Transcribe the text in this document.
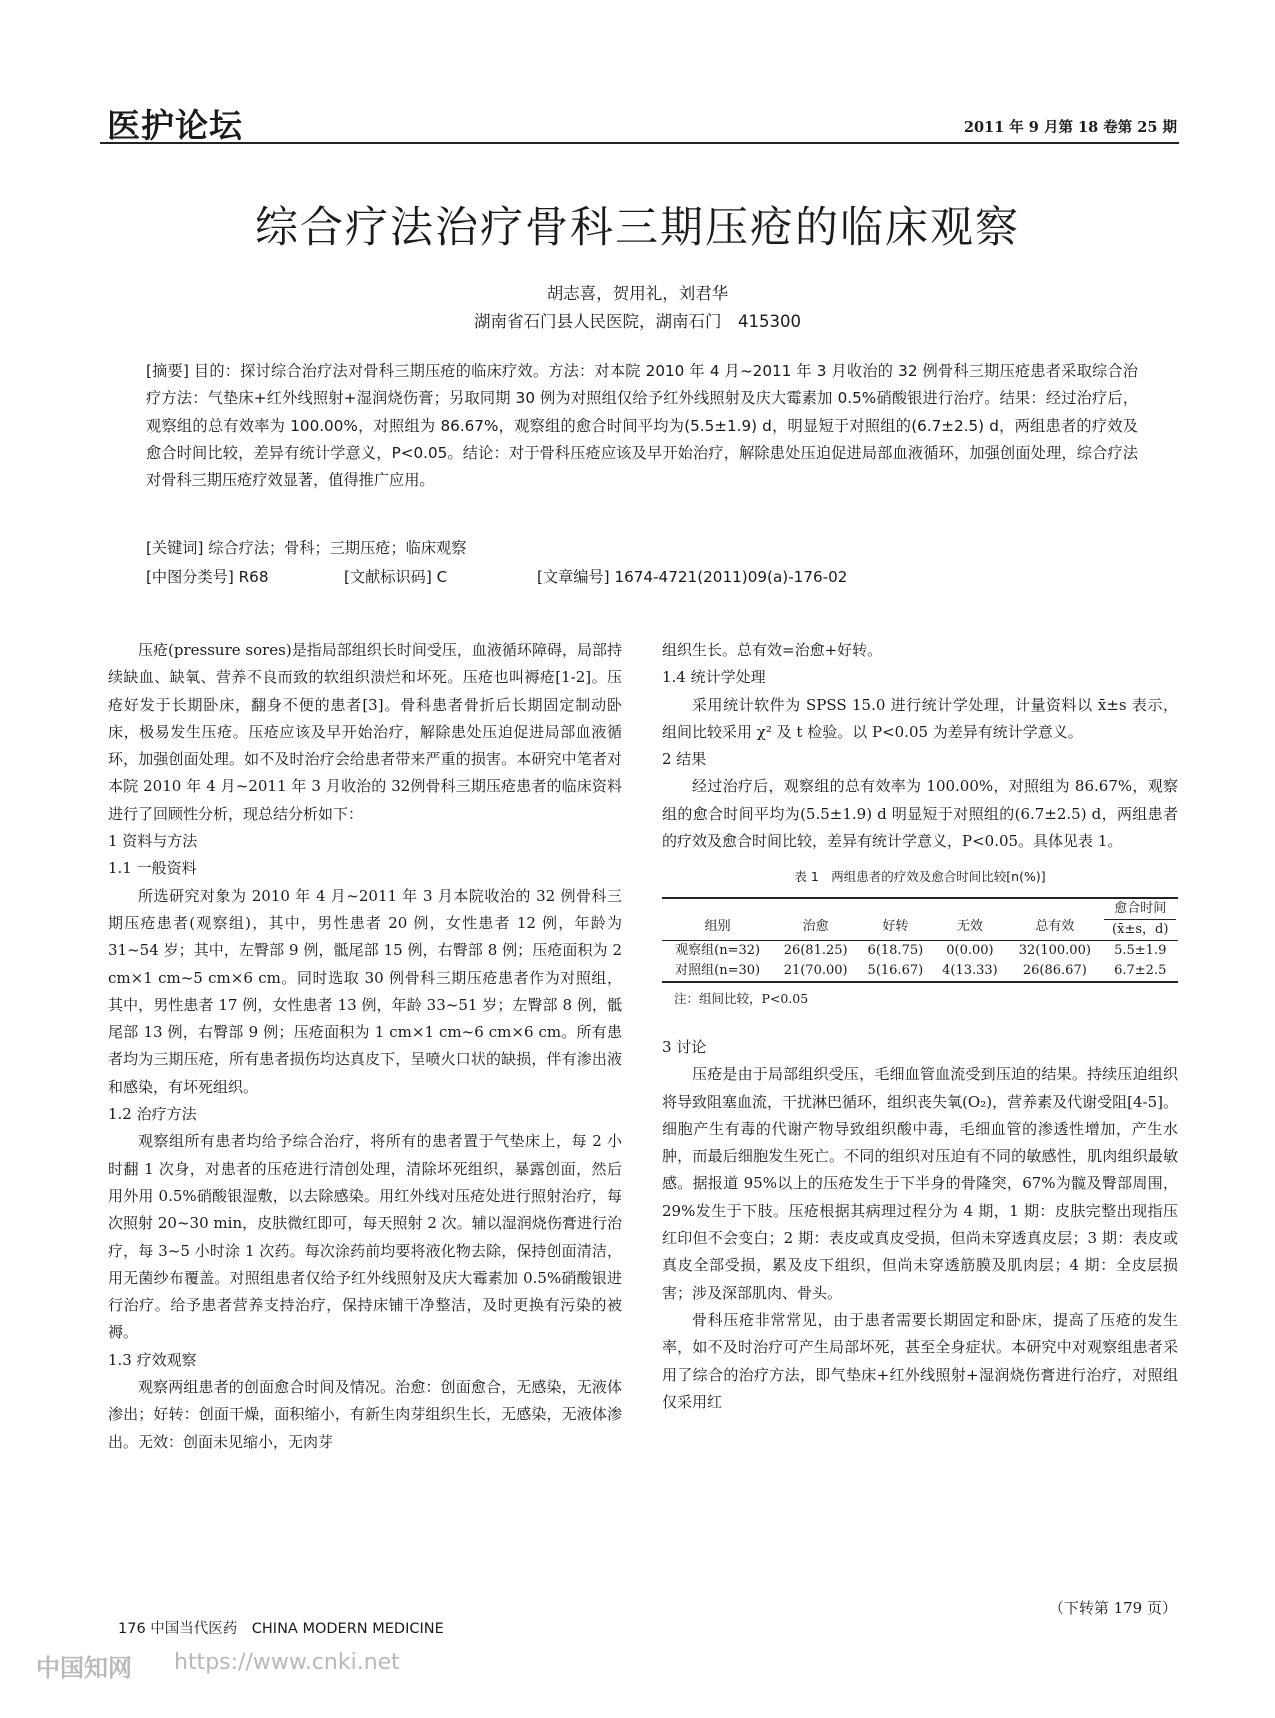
医护论坛	2011 年 9 月第 18 卷第 25 期
综合疗法治疗骨科三期压疮的临床观察
胡志喜，贺用礼，刘君华
湖南省石门县人民医院，湖南石门　415300
[摘要] 目的：探讨综合治疗法对骨科三期压疮的临床疗效。方法：对本院 2010 年 4 月~2011 年 3 月收治的 32 例骨科三期压疮患者采取综合治疗方法：气垫床+红外线照射+湿润烧伤膏；另取同期 30 例为对照组仅给予红外线照射及庆大霉素加 0.5%硝酸银进行治疗。结果：经过治疗后，观察组的总有效率为 100.00%，对照组为 86.67%，观察组的愈合时间平均为(5.5±1.9) d，明显短于对照组的(6.7±2.5) d，两组患者的疗效及愈合时间比较，差异有统计学意义，P<0.05。结论：对于骨科压疮应该及早开始治疗，解除患处压迫促进局部血液循环，加强创面处理，综合疗法对骨科三期压疮疗效显著，值得推广应用。
[关键词] 综合疗法；骨科；三期压疮；临床观察
[中图分类号] R68	[文献标识码] C	[文章编号] 1674-4721(2011)09(a)-176-02

压疮(pressure sores)是指局部组织长时间受压，血液循环障碍，局部持续缺血、缺氧、营养不良而致的软组织溃烂和坏死。压疮也叫褥疮[1-2]。压疮好发于长期卧床，翻身不便的患者[3]。骨科患者骨折后长期固定制动卧床，极易发生压疮。压疮应该及早开始治疗，解除患处压迫促进局部血液循环，加强创面处理。如不及时治疗会给患者带来严重的损害。本研究中笔者对本院 2010 年 4 月~2011 年 3 月收治的 32例骨科三期压疮患者的临床资料进行了回顾性分析，现总结分析如下：

1 资料与方法
1.1 一般资料

所选研究对象为 2010 年 4 月~2011 年 3 月本院收治的 32 例骨科三期压疮患者(观察组)，其中，男性患者 20 例，女性患者 12 例，年龄为 31~54 岁；其中，左臀部 9 例，骶尾部 15 例，右臀部 8 例；压疮面积为 2 cm×1 cm~5 cm×6 cm。同时选取 30 例骨科三期压疮患者作为对照组，其中，男性患者 17 例，女性患者 13 例，年龄 33~51 岁；左臀部 8 例，骶尾部 13 例，右臀部 9 例；压疮面积为 1 cm×1 cm~6 cm×6 cm。所有患者均为三期压疮，所有患者损伤均达真皮下，呈喷火口状的缺损，伴有渗出液和感染，有坏死组织。

1.2 治疗方法

观察组所有患者均给予综合治疗，将所有的患者置于气垫床上，每 2 小时翻 1 次身，对患者的压疮进行清创处理，清除坏死组织，暴露创面，然后用外用 0.5%硝酸银湿敷，以去除感染。用红外线对压疮处进行照射治疗，每次照射 20~30 min，皮肤微红即可，每天照射 2 次。辅以湿润烧伤膏进行治疗，每 3~5 小时涂 1 次药。每次涂药前均要将液化物去除，保持创面清洁，用无菌纱布覆盖。对照组患者仅给予红外线照射及庆大霉素加 0.5%硝酸银进行治疗。给予患者营养支持治疗，保持床铺干净整洁，及时更换有污染的被褥。

1.3 疗效观察

观察两组患者的创面愈合时间及情况。治愈：创面愈合，无感染，无液体渗出；好转：创面干燥，面积缩小，有新生肉芽组织生长，无感染，无液体渗出。无效：创面未见缩小，无肉芽

组织生长。总有效=治愈+好转。

1.4 统计学处理

采用统计软件为 SPSS 15.0 进行统计学处理，计量资料以 x̄±s 表示，组间比较采用 χ² 及 t 检验。以 P<0.05 为差异有统计学意义。

2 结果

经过治疗后，观察组的总有效率为 100.00%，对照组为 86.67%，观察组的愈合时间平均为(5.5±1.9) d 明显短于对照组的(6.7±2.5) d，两组患者的疗效及愈合时间比较，差异有统计学意义，P<0.05。具体见表 1。

表 1　两组患者的疗效及愈合时间比较[n(%)]
组别	治愈	好转	无效	总有效	愈合时间
(x̄±s，d)

观察组(n=32)	26(81.25)	6(18.75)	0(0.00)	32(100.00)	5.5±1.9
对照组(n=30)	21(70.00)	5(16.67)	4(13.33)	26(86.67)	6.7±2.5
注：组间比较，P<0.05
3 讨论

压疮是由于局部组织受压，毛细血管血流受到压迫的结果。持续压迫组织将导致阻塞血流，干扰淋巴循环，组织丧失氧(O₂)，营养素及代谢受阻[4-5]。细胞产生有毒的代谢产物导致组织酸中毒，毛细血管的渗透性增加，产生水肿，而最后细胞发生死亡。不同的组织对压迫有不同的敏感性，肌肉组织最敏感。据报道 95%以上的压疮发生于下半身的骨隆突，67%为髋及臀部周围，29%发生于下肢。压疮根据其病理过程分为 4 期，1 期：皮肤完整出现指压红印但不会变白；2 期：表皮或真皮受损，但尚未穿透真皮层；3 期：表皮或真皮全部受损，累及皮下组织，但尚未穿透筋膜及肌肉层；4 期：全皮层损害；涉及深部肌肉、骨头。

骨科压疮非常常见，由于患者需要长期固定和卧床，提高了压疮的发生率，如不及时治疗可产生局部坏死，甚至全身症状。本研究中对观察组患者采用了综合的治疗方法，即气垫床+红外线照射+湿润烧伤膏进行治疗，对照组仅采用红

（下转第 179 页）
176 中国当代医药　CHINA MODERN MEDICINE
中国知网 https://www.cnki.net
